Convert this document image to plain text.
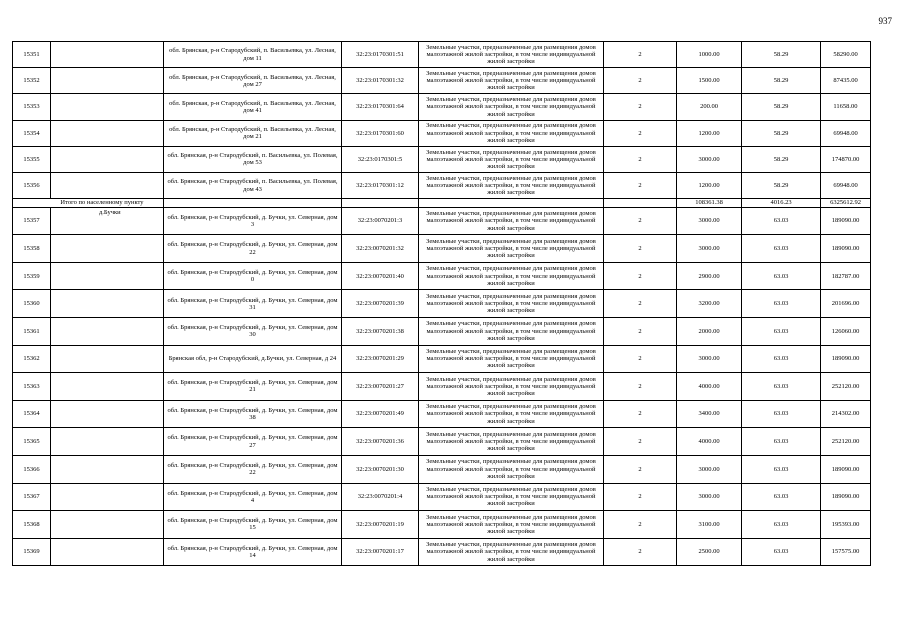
937
15351		обл. Брянская, р-н Стародубский, п. Васильевка, ул. Лесная, дом 11	32:23:0170301:51	Земельные участки, предназначенные для размещения домов малоэтажной жилой застройки, в том числе индивидуальной жилой застройки	2	1000.00	58.29	58290.00
15352		обл. Брянская, р-н Стародубский, п. Васильевка, ул. Лесная, дом 27	32:23:0170301:32	Земельные участки, предназначенные для размещения домов малоэтажной жилой застройки, в том числе индивидуальной жилой застройки	2	1500.00	58.29	87435.00
15353		обл. Брянская, р-н Стародубский, п. Васильевка, ул. Лесная, дом 41	32:23:0170301:64	Земельные участки, предназначенные для размещения домов малоэтажной жилой застройки, в том числе индивидуальной жилой застройки	2	200.00	58.29	11658.00
15354		обл. Брянская, р-н Стародубский, п. Васильевка, ул. Лесная, дом 21	32:23:0170301:60	Земельные участки, предназначенные для размещения домов малоэтажной жилой застройки, в том числе индивидуальной жилой застройки	2	1200.00	58.29	69948.00
15355		обл. Брянская, р-н Стародубский, п. Васильевка, ул. Полевая, дом 53	32:23:0170301:5	Земельные участки, предназначенные для размещения домов малоэтажной жилой застройки, в том числе индивидуальной жилой застройки	2	3000.00	58.29	174870.00
15356		обл. Брянская, р-н Стародубский, п. Васильевка, ул. Полевая, дом 43	32:23:0170301:12	Земельные участки, предназначенные для размещения домов малоэтажной жилой застройки, в том числе индивидуальной жилой застройки	2	1200.00	58.29	69948.00
Итого по населенному пункту						108361.38	4016.23	6325612.92
15357	д.Бучки	обл. Брянская, р-н Стародубский, д. Бучки, ул. Северная, дом 3	32:23:0070201:3	Земельные участки, предназначенные для размещения домов малоэтажной жилой застройки, в том числе индивидуальной жилой застройки	2	3000.00	63.03	189090.00
15358		обл. Брянская, р-н Стародубский, д. Бучки, ул. Северная, дом 22	32:23:0070201:32	Земельные участки, предназначенные для размещения домов малоэтажной жилой застройки, в том числе индивидуальной жилой застройки	2	3000.00	63.03	189090.00
15359		обл. Брянская, р-н Стародубский, д. Бучки, ул. Северная, дом 0	32:23:0070201:40	Земельные участки, предназначенные для размещения домов малоэтажной жилой застройки, в том числе индивидуальной жилой застройки	2	2900.00	63.03	182787.00
15360		обл. Брянская, р-н Стародубский, д. Бучки, ул. Северная, дом 31	32:23:0070201:39	Земельные участки, предназначенные для размещения домов малоэтажной жилой застройки, в том числе индивидуальной жилой застройки	2	3200.00	63.03	201696.00
15361		обл. Брянская, р-н Стародубский, д. Бучки, ул. Северная, дом 30	32:23:0070201:38	Земельные участки, предназначенные для размещения домов малоэтажной жилой застройки, в том числе индивидуальной жилой застройки	2	2000.00	63.03	126060.00
15362		Брянская обл, р-н Стародубский, д.Бучки, ул. Северная, д 24	32:23:0070201:29	Земельные участки, предназначенные для размещения домов малоэтажной жилой застройки, в том числе индивидуальной жилой застройки	2	3000.00	63.03	189090.00
15363		обл. Брянская, р-н Стародубский, д. Бучки, ул. Северная, дом 21	32:23:0070201:27	Земельные участки, предназначенные для размещения домов малоэтажной жилой застройки, в том числе индивидуальной жилой застройки	2	4000.00	63.03	252120.00
15364		обл. Брянская, р-н Стародубский, д. Бучки, ул. Северная, дом 38	32:23:0070201:49	Земельные участки, предназначенные для размещения домов малоэтажной жилой застройки, в том числе индивидуальной жилой застройки	2	3400.00	63.03	214302.00
15365		обл. Брянская, р-н Стародубский, д. Бучки, ул. Северная, дом 27	32:23:0070201:36	Земельные участки, предназначенные для размещения домов малоэтажной жилой застройки, в том числе индивидуальной жилой застройки	2	4000.00	63.03	252120.00
15366		обл. Брянская, р-н Стародубский, д. Бучки, ул. Северная, дом 22	32:23:0070201:30	Земельные участки, предназначенные для размещения домов малоэтажной жилой застройки, в том числе индивидуальной жилой застройки	2	3000.00	63.03	189090.00
15367		обл. Брянская, р-н Стародубский, д. Бучки, ул. Северная, дом 4	32:23:0070201:4	Земельные участки, предназначенные для размещения домов малоэтажной жилой застройки, в том числе индивидуальной жилой застройки	2	3000.00	63.03	189090.00
15368		обл. Брянская, р-н Стародубский, д. Бучки, ул. Северная, дом 15	32:23:0070201:19	Земельные участки, предназначенные для размещения домов малоэтажной жилой застройки, в том числе индивидуальной жилой застройки	2	3100.00	63.03	195393.00
15369		обл. Брянская, р-н Стародубский, д. Бучки, ул. Северная, дом 14	32:23:0070201:17	Земельные участки, предназначенные для размещения домов малоэтажной жилой застройки, в том числе индивидуальной жилой застройки	2	2500.00	63.03	157575.00
